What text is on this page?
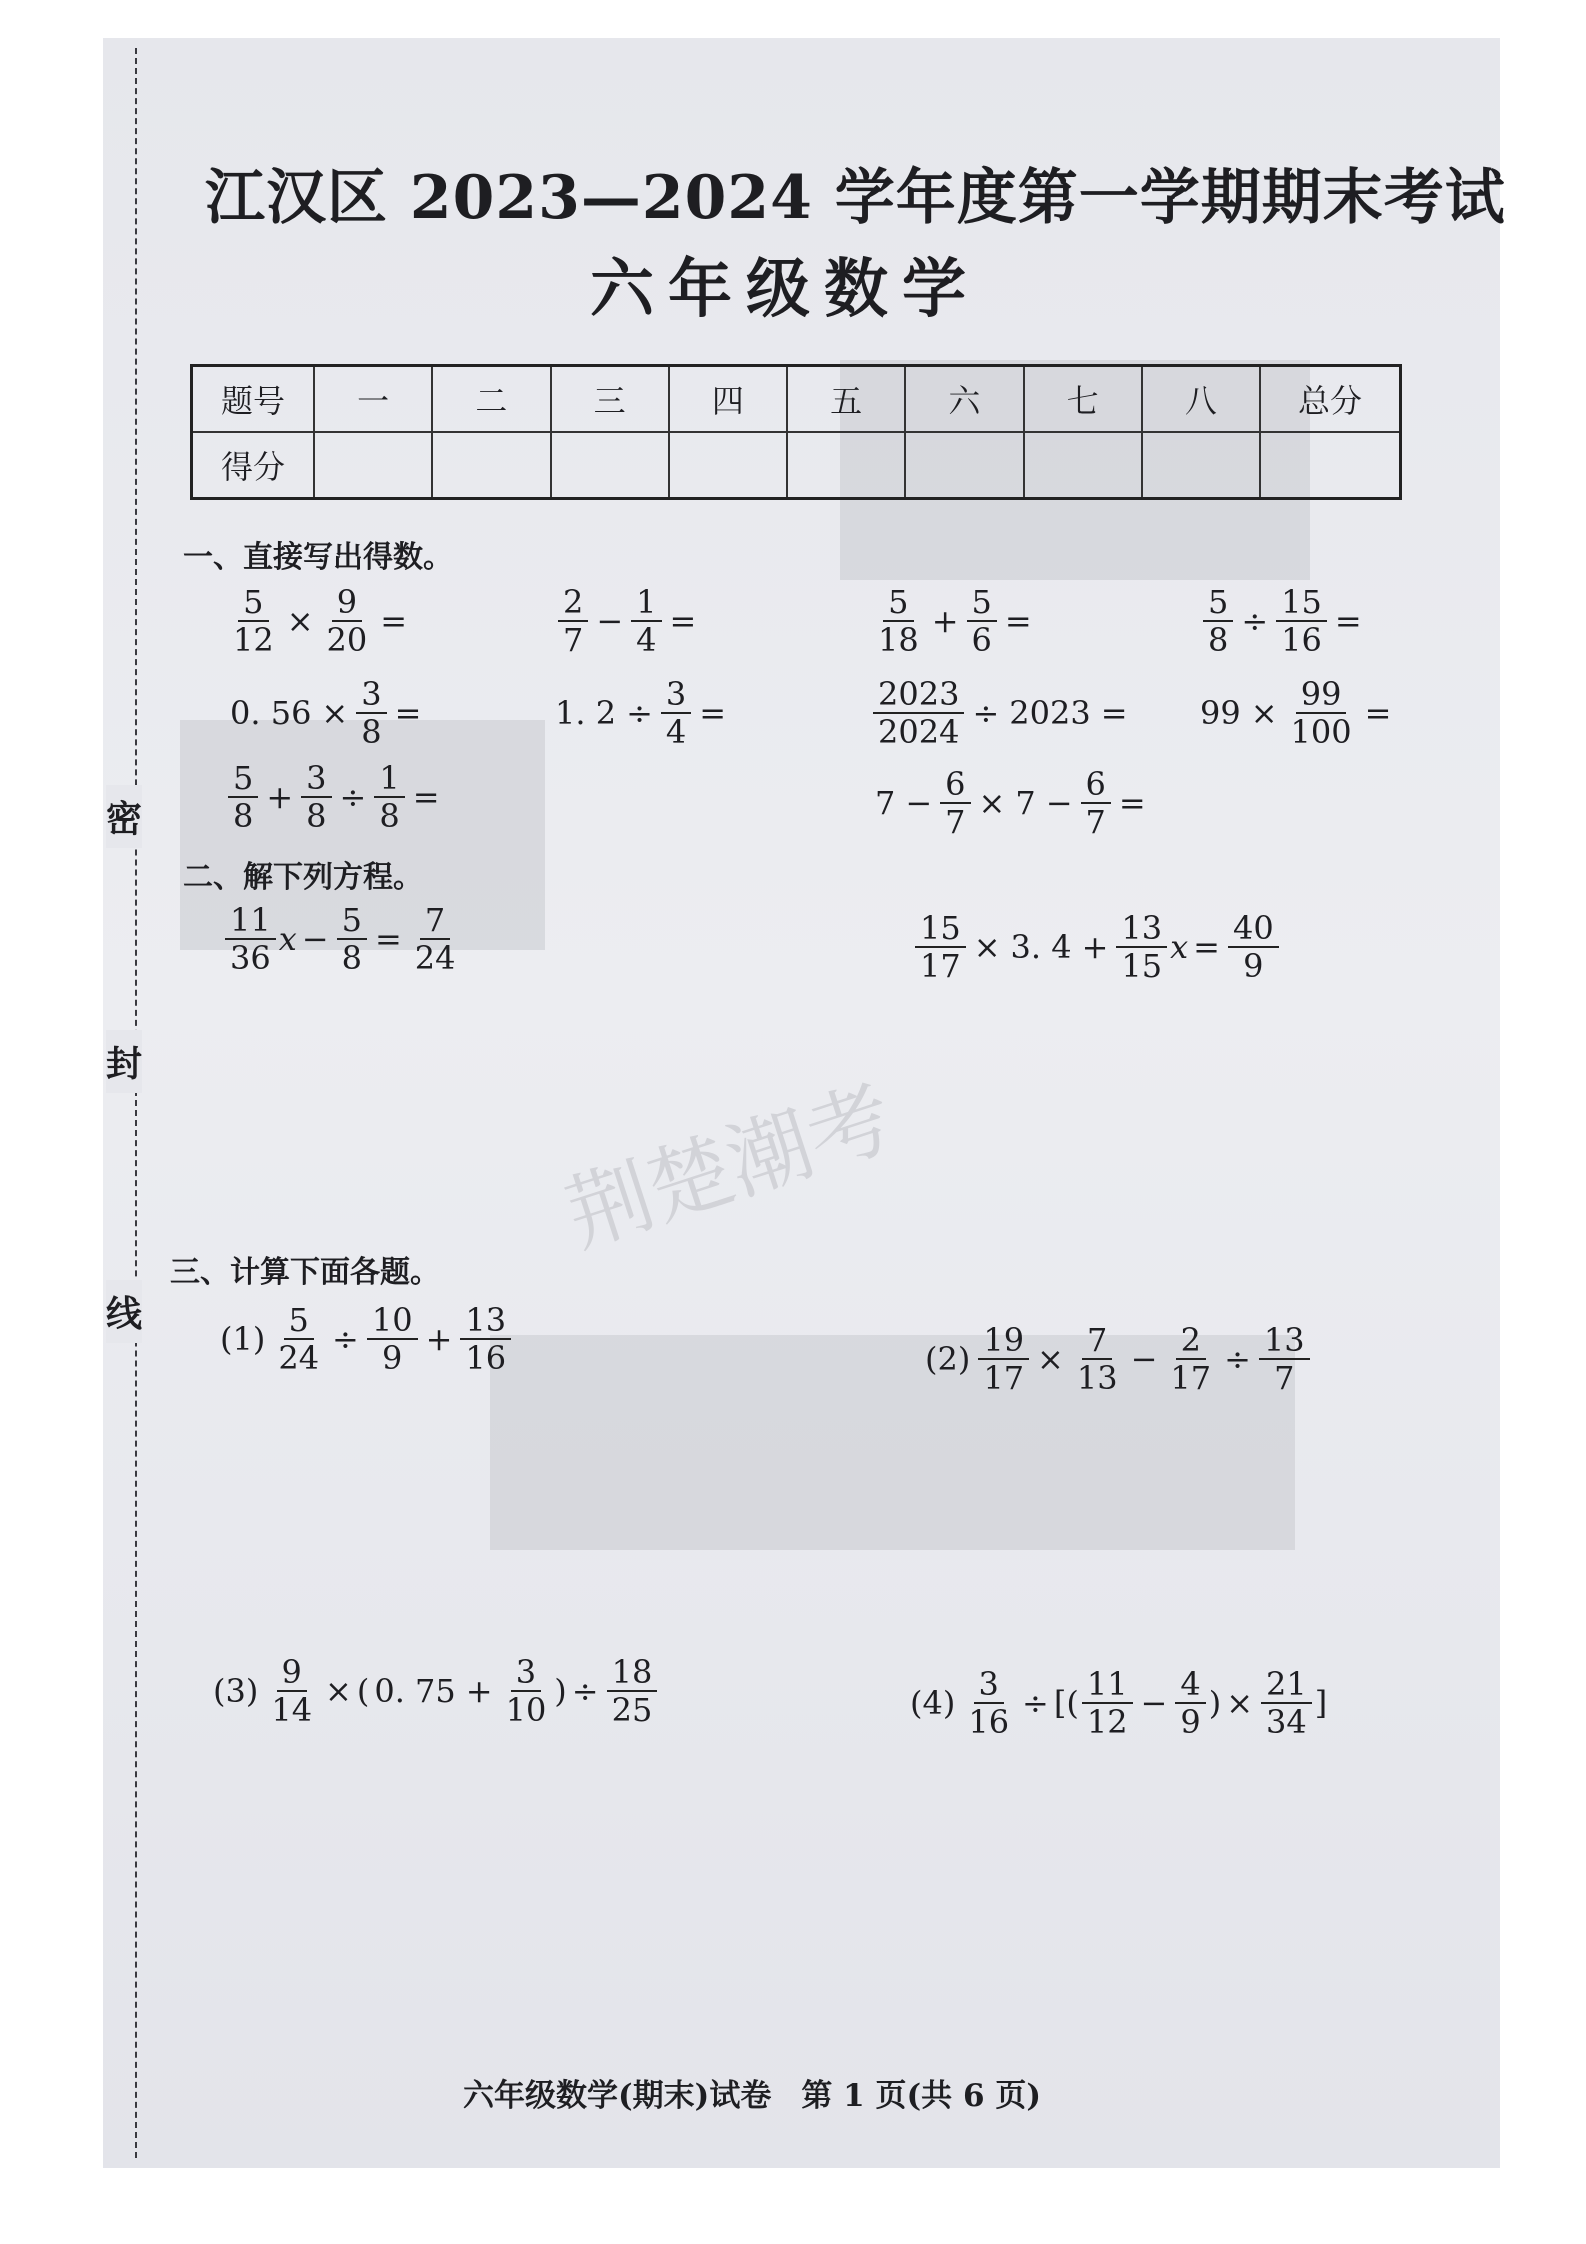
密
封
线
荆楚潮考
江汉区 2023—2024 学年度第一学期期末考试
六年级数学
题号	一	二	三	四	五	六	七	八	总分
得分									
一、直接写出得数。
$\frac{5}{12} \times \frac{9}{20}$ =	$\frac{2}{7} - \frac{1}{4}$ =	$\frac{5}{18} + \frac{5}{6}$ =	$\frac{5}{8} \div \frac{15}{16}$ =
0. $56 \times \frac{3}{8}$ =	1. $2 \div \frac{3}{4}$ =	$\frac{2023}{2024} \div 2023 = 99 \times \frac{99}{100}$ =
$\frac{5}{8} + \frac{3}{8} \div \frac{1}{8}$ =	$7 - \frac{6}{7} \times 7 - \frac{6}{7}$ =
二、解下列方程。
$\frac{11}{36}$ $x - \frac{5}{8} = \frac{7}{24}$	$\frac{15}{17} \times 3$. $4 + \frac{13}{15}$ $x = \frac{40}{9}$
三、计算下面各题。
$(1) \frac{5}{24} \div \frac{10}{9} + \frac{13}{16}$	$(2) \frac{19}{17} \times \frac{7}{13} - \frac{2}{17} \div \frac{13}{7}$
$(3) \frac{9}{14}$ × ( 0. $75 + \frac{3}{10}$ ) ÷ $\frac{18}{25}$	$(4) \frac{3}{16}$ ÷ [ ( $\frac{11}{12} - \frac{4}{9}$ ) × $\frac{21}{34}$ ]
六年级数学(期末)试卷 第 1 页(共 6 页)
